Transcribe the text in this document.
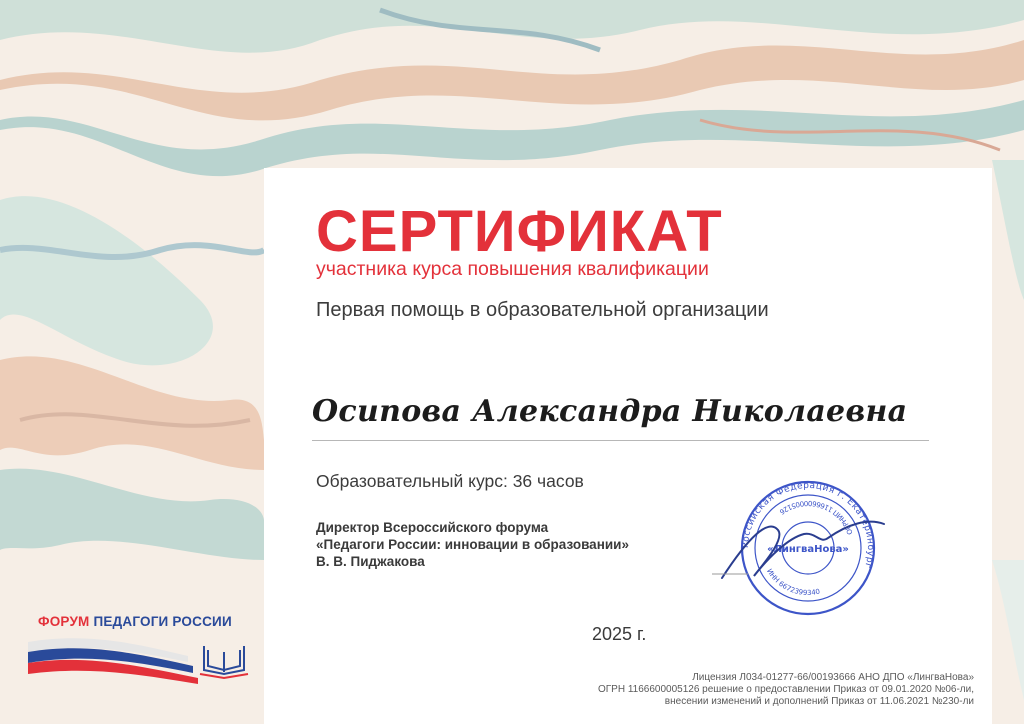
СЕРТИФИКАТ
участника курса повышения квалификации
Первая помощь в образовательной организации
Осипова Александра Николаевна
Образовательный курс: 36 часов
Директор Всероссийского форума
«Педагоги России: инновации в образовании»
В. В. Пиджакова
Российская Федерация г. Екатеринбург
ИНН 6672399340
ОГРНИП 1166600005126
«ЛингваНова»
2025 г.
Лицензия Л034-01277-66/00193666 АНО ДПО «ЛингваНова»
ОГРН 1166600005126 решение о предоставлении Приказ от 09.01.2020 №06-ли,
внесении изменений и дополнений Приказ от 11.06.2021 №230-ли
ФОРУМ ПЕДАГОГИ РОССИИ
